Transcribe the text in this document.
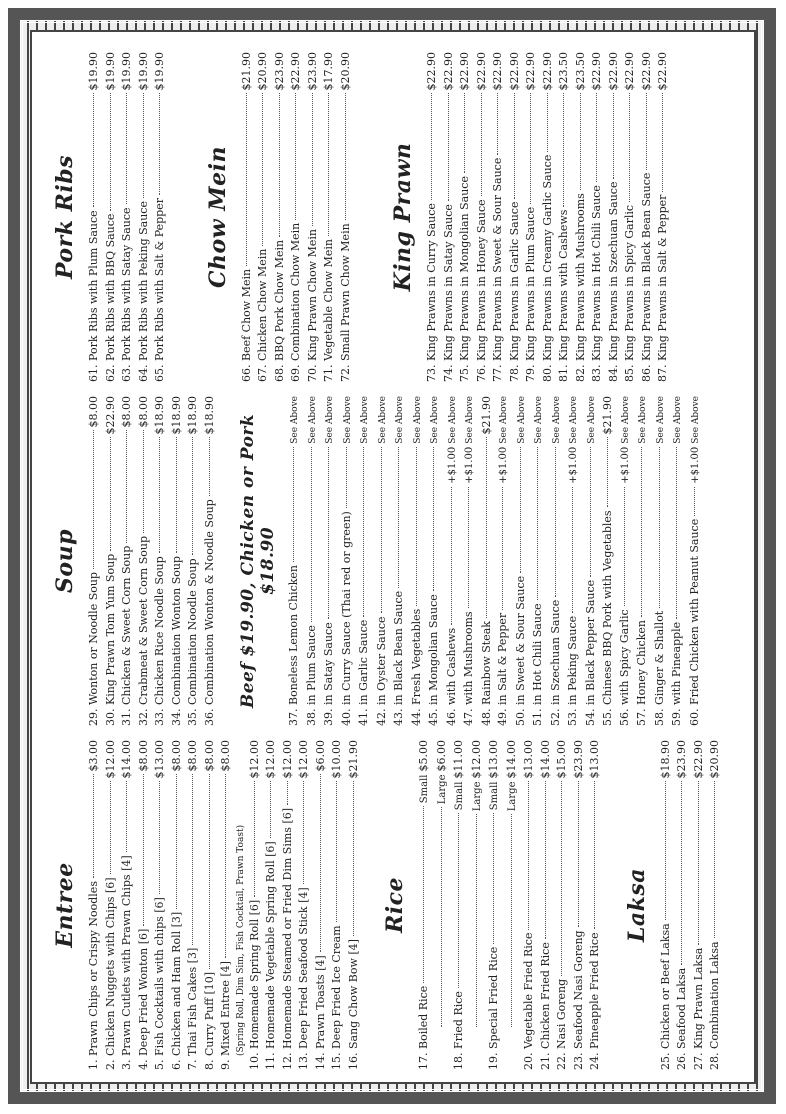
Entree 1. Prawn Chips or Crispy Noodles
$3.00
2. Chicken Nuggets with Chips [6]
$12.00
3. Prawn Cutlets with Prawn Chips [4]
$14.00
4. Deep Fried Wonton [6]
$8.00
5. Fish Cocktails with chips [6]
$13.00
6. Chicken and Ham Roll [3]
$8.00
7. Thai Fish Cakes [3]
$8.00
8. Curry Puff [10]
$8.00
9. Mixed Entree [4]
$8.00
(Spring Roll, Dim Sim, Fish Cocktail, Prawn Toast) 10. Homemade Spring Roll [6]
$12.00
11. Homemade Vegetable Spring Roll [6]
$12.00
12. Homemade Steamed or Fried Dim Sims [6]
$12.00
13. Deep Fried Seafood Stick [4]
$12.00
14. Prawn Toasts [4]
$6.00
15. Deep Fried Ice Cream
$10.00
16. Sang Chow Bow [4]
$21.90
Rice
17. Boiled Rice
Small
$5.00
Large
$6.00
18. Fried Rice
Small
$11.00
Large
$12.00
19. Special Fried Rice
Small
$13.00
Large
$14.00
20. Vegetable Fried Rice
$13.00
21. Chicken Fried Rice
$14.00
22. Nasi Goreng
$15.00
23. Seafood Nasi Goreng
$23.90
24. Pineapple Fried Rice
$13.00
Laksa
25. Chicken or Beef Laksa
$18.90
26. Seafood Laksa
$23.90
27. King Prawn Laksa
$22.90
28. Combination Laksa
$20.90
Soup
29. Wonton or Noodle Soup
$8.00
30. King Prawn Tom Yum Soup
$22.90
31. Chicken & Sweet Corn Soup
$8.00
32. Crabmeat & Sweet Corn Soup
$8.00
33. Chicken Rice Noodle Soup
$18.90
34. Combination Wonton Soup
$18.90
35. Combination Noodle Soup
$18.90
36. Combination Wonton & Noodle Soup
$18.90
Beef $19.90, Chicken or Pork $18.90
37. Boneless Lemon Chicken
See Above
38. in Plum Sauce
See Above
39. in Satay Sauce
See Above
40. in Curry Sauce (Thai red or green)
See Above
41. in Garlic Sauce
See Above
42. in Oyster Sauce
See Above
43. in Black Bean Sauce
See Above
44. Fresh Vegetables
See Above
45. in Mongolian Sauce
See Above
46. with Cashews
+$1.00
See Above
47. with Mushrooms
+$1.00
See Above
48. Rainbow Steak
$21.90
49. in Salt & Pepper
+$1.00
See Above
50. in Sweet & Sour Sauce
See Above
51. in Hot Chili Sauce
See Above
52. in Szechuan Sauce
See Above
53. in Peking Sauce
+$1.00
See Above
54. in Black Pepper Sauce
See Above
55. Chinese BBQ Pork with Vegetables
$21.90
56. with Spicy Garlic
+$1.00
See Above
57. Honey Chicken
See Above
58. Ginger & Shallot
See Above
59. with Pineapple
See Above
60. Fried Chicken with Peanut Sauce
+$1.00
See Above
Pork Ribs 61. Pork Ribs with Plum Sauce
$19.90
62. Pork Ribs with BBQ Sauce
$19.90
63. Pork Ribs with Satay Sauce
$19.90
64. Pork Ribs with Peking Sauce
$19.90
65. Pork Ribs with Salt & Pepper
$19.90
Chow Mein
66. Beef Chow Mein
$21.90
67. Chicken Chow Mein
$20.90
68. BBQ Pork Chow Mein
$23.90
69. Combination Chow Mein
$22.90
70. King Prawn Chow Mein
$23.90
71. Vegetable Chow Mein
$17.90
72. Small Prawn Chow Mein
$20.90
King Prawn 73. King Prawns in Curry Sauce
$22.90
74. King Prawns in Satay Sauce
$22.90
75. King Prawns in Mongolian Sauce
$22.90
76. King Prawns in Honey Sauce
$22.90
77. King Prawns in Sweet & Sour Sauce
$22.90
78. King Prawns in Garlic Sauce
$22.90
79. King Prawns in Plum Sauce
$22.90
80. King Prawns in Creamy Garlic Sauce
$22.90
81. King Prawns with Cashews
$23.50
82. King Prawns with Mushrooms
$23.50
83. King Prawns in Hot Chili Sauce
$22.90
84. King Prawns in Szechuan Sauce
$22.90
85. King Prawns in Spicy Garlic
$22.90
86. King Prawns in Black Bean Sauce
$22.90
87. King Prawns in Salt & Pepper
$22.90
